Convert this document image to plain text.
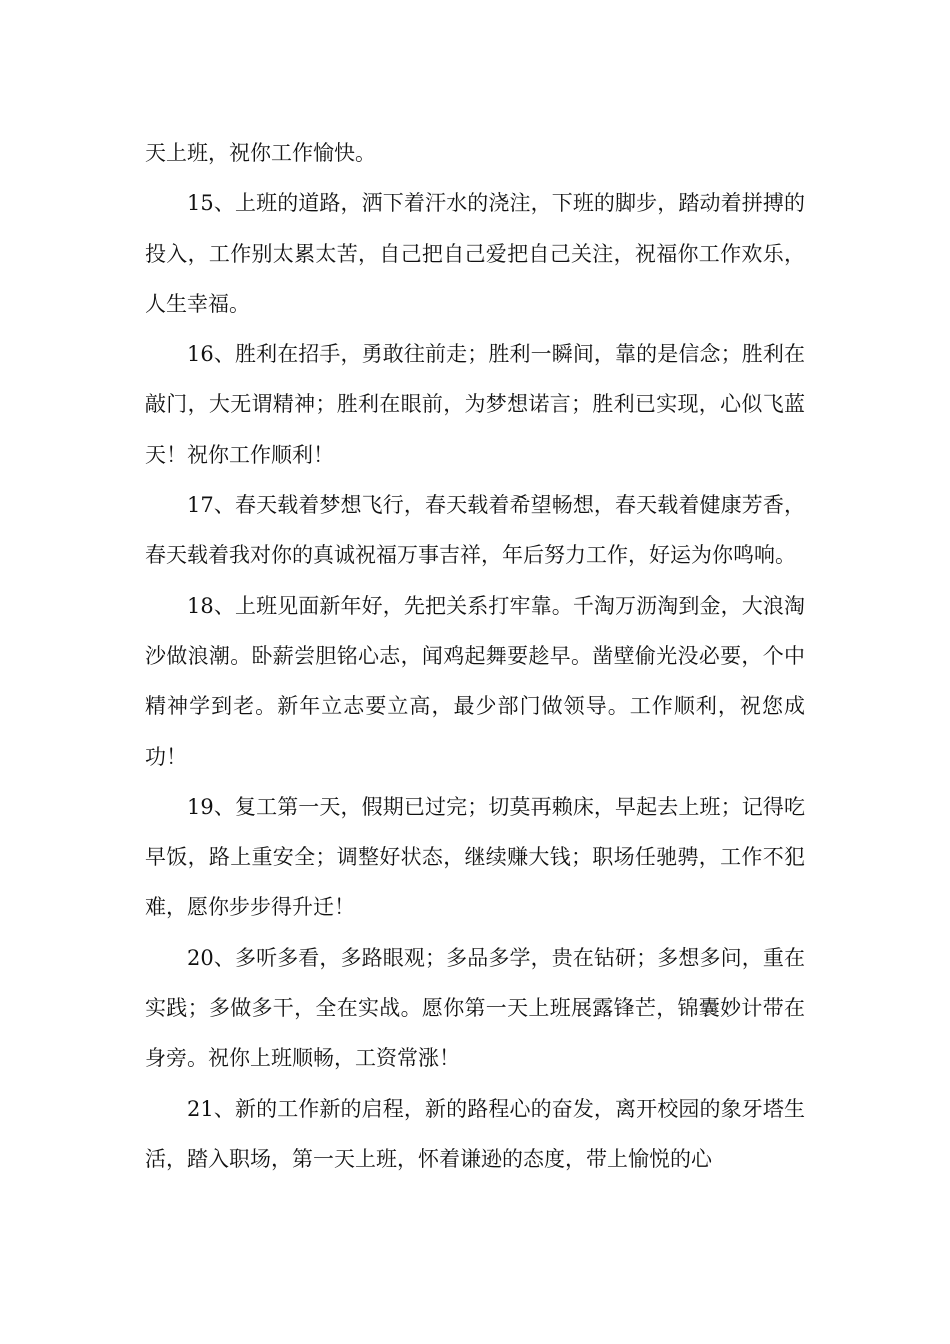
天上班，祝你工作愉快。

15、上班的道路，洒下着汗水的浇注，下班的脚步，踏动着拼搏的投入，工作别太累太苦，自己把自己爱把自己关注，祝福你工作欢乐，人生幸福。

16、胜利在招手，勇敢往前走；胜利一瞬间，靠的是信念；胜利在敲门，大无谓精神；胜利在眼前，为梦想诺言；胜利已实现，心似飞蓝天！祝你工作顺利！

17、春天载着梦想飞行，春天载着希望畅想，春天载着健康芳香，春天载着我对你的真诚祝福万事吉祥，年后努力工作，好运为你鸣响。

18、上班见面新年好，先把关系打牢靠。千淘万沥淘到金，大浪淘沙做浪潮。卧薪尝胆铭心志，闻鸡起舞要趁早。凿壁偷光没必要，个中精神学到老。新年立志要立高，最少部门做领导。工作顺利，祝您成功！

19、复工第一天，假期已过完；切莫再赖床，早起去上班；记得吃早饭，路上重安全；调整好状态，继续赚大钱；职场任驰骋，工作不犯难，愿你步步得升迁！

20、多听多看，多路眼观；多品多学，贵在钻研；多想多问，重在实践；多做多干，全在实战。愿你第一天上班展露锋芒，锦囊妙计带在身旁。祝你上班顺畅，工资常涨！

21、新的工作新的启程，新的路程心的奋发，离开校园的象牙塔生活，踏入职场，第一天上班，怀着谦逊的态度，带上愉悦的心
